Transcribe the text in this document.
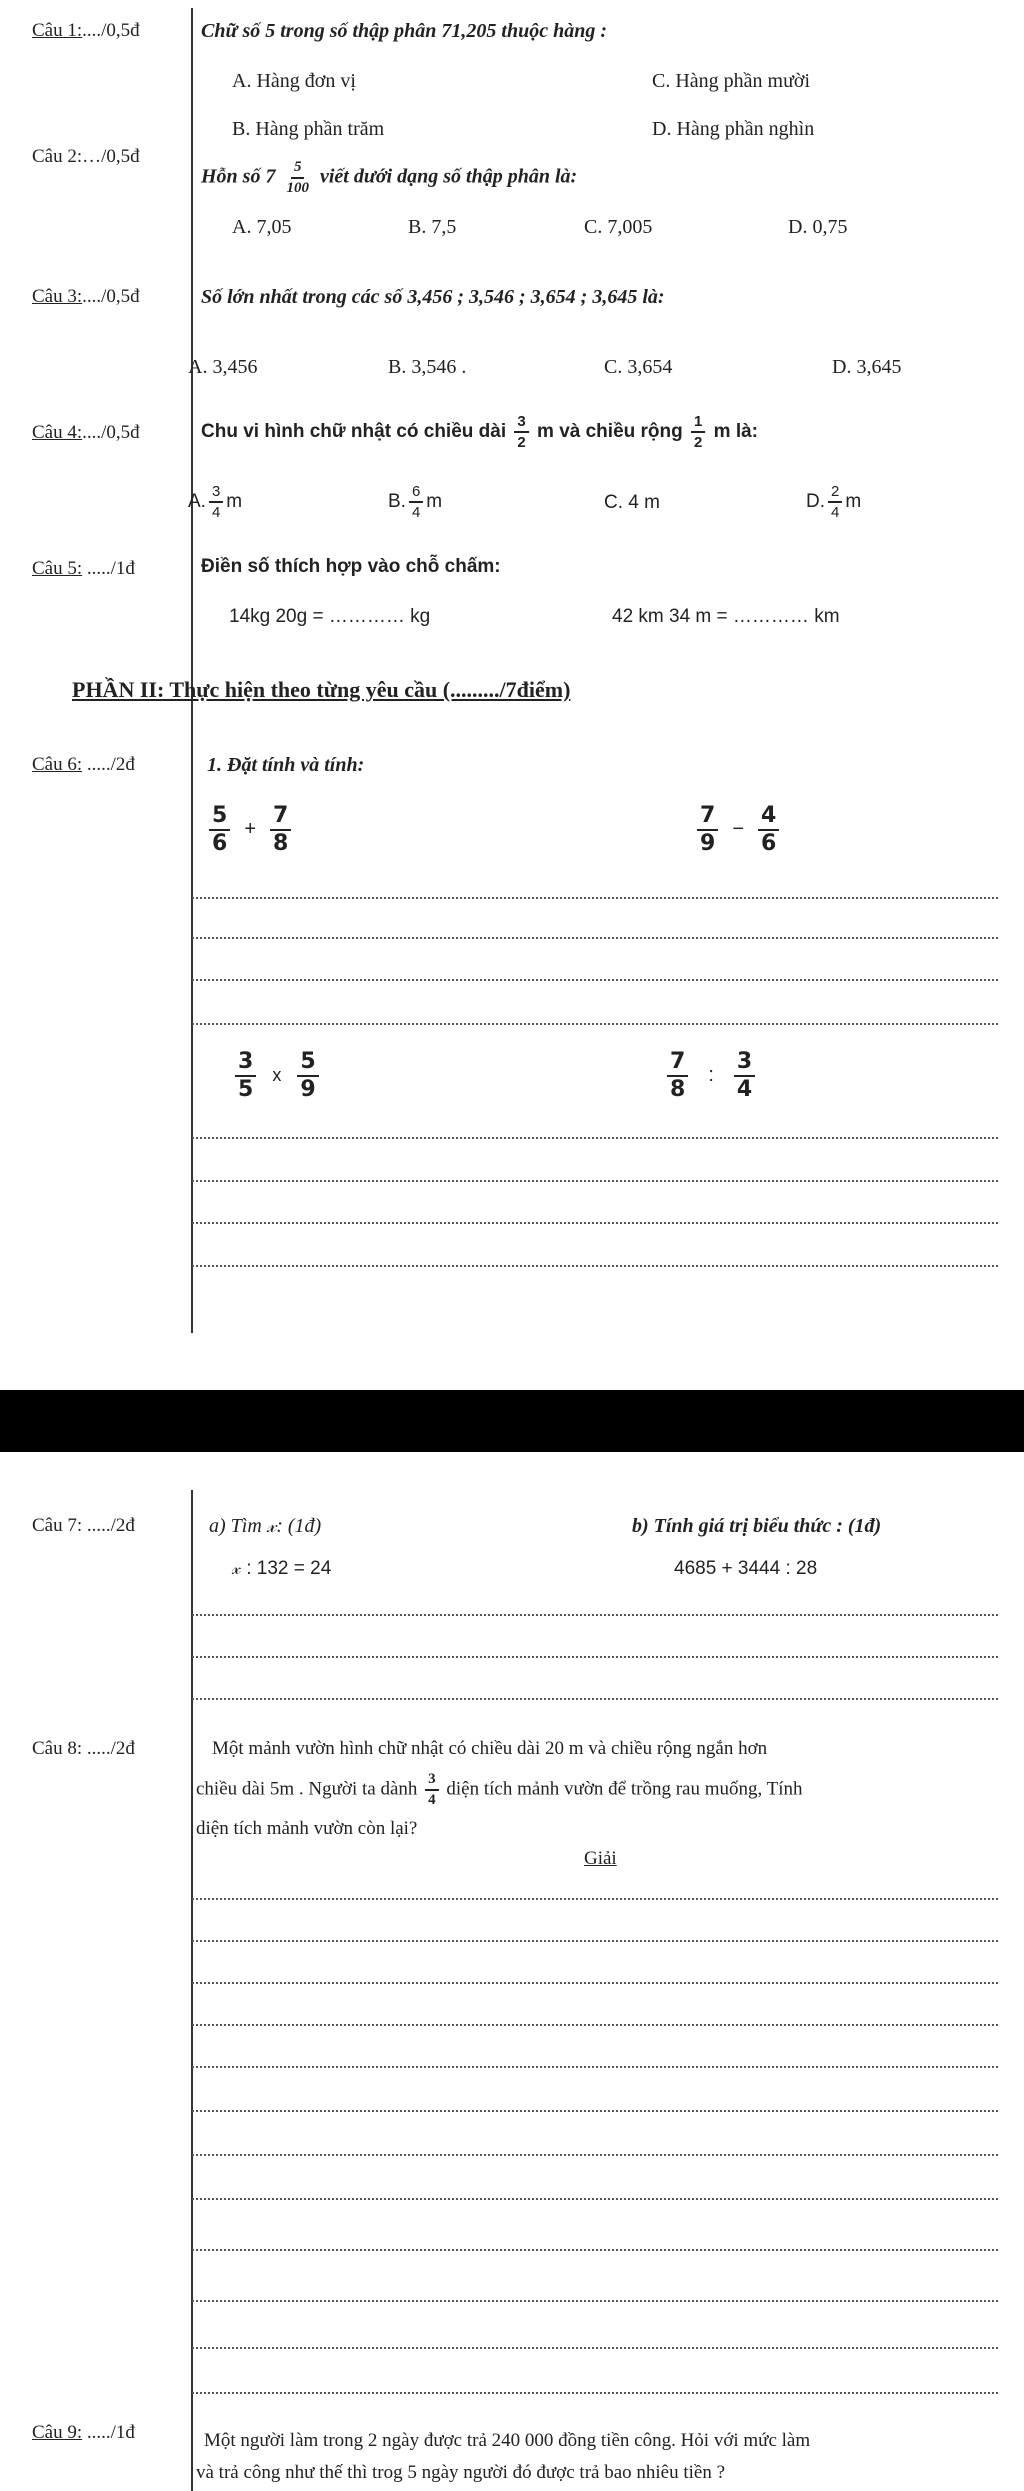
Câu 1:..../0,5đ	Chữ số 5 trong số thập phân 71,205 thuộc hàng :
A. Hàng đơn vị	C. Hàng phần mười
B. Hàng phần trăm	D. Hàng phần nghìn
Câu 2:…/0,5đ
Hỗn số $7 \frac{5}{100}$ viết dưới dạng số thập phân là:
A. 7,05	B. 7,5	C. 7,005	D. 0,75
Câu 3:..../0,5đ	Số lớn nhất trong các số 3,456 ; 3,546 ; 3,654 ; 3,645 là:
A. 3,456	B. 3,546 .	C. 3,654	D. 3,645
Câu 4:..../0,5đ	Chu vi hình chữ nhật có chiều dài $\frac{3}{2}$ m và chiều rộng $\frac{1}{2}$ m là:
A. $\frac{3}{4}$ m	B. $\frac{6}{4}$ m	C. 4 m	D. $\frac{2}{4}$ m
Câu 5: ...../1đ	Điền số thích hợp vào chỗ chấm:
14kg 20g = ………… kg	42 km 34 m = ………… km
PHẦN II: Thực hiện theo từng yêu cầu (........./7điểm)
Câu 6: ...../2đ	1. Đặt tính và tính:
$\frac{5}{6} + \frac{7}{8}$	$\frac{7}{9} - \frac{4}{6}$
$\frac{3}{5}$ x $\frac{5}{9}$	$\frac{7}{8}$ : $\frac{3}{4}$
Câu 7: ...../2đ	a) Tìm 𝓍: (1đ)	b) Tính giá trị biểu thức : (1đ)
𝓍 : 132 = 24	4685 + 3444 : 28
Câu 8: ...../2đ	Một mảnh vườn hình chữ nhật có chiều dài 20 m và chiều rộng ngắn hơn
chiều dài 5m . Người ta dành $\frac{3}{4}$ diện tích mảnh vườn để trồng rau muống, Tính
diện tích mảnh vườn còn lại?
Giải
Câu 9: ...../1đ	Một người làm trong 2 ngày được trả 240 000 đồng tiền công. Hỏi với mức làm
và trả công như thế thì trog 5 ngày người đó được trả bao nhiêu tiền ?
